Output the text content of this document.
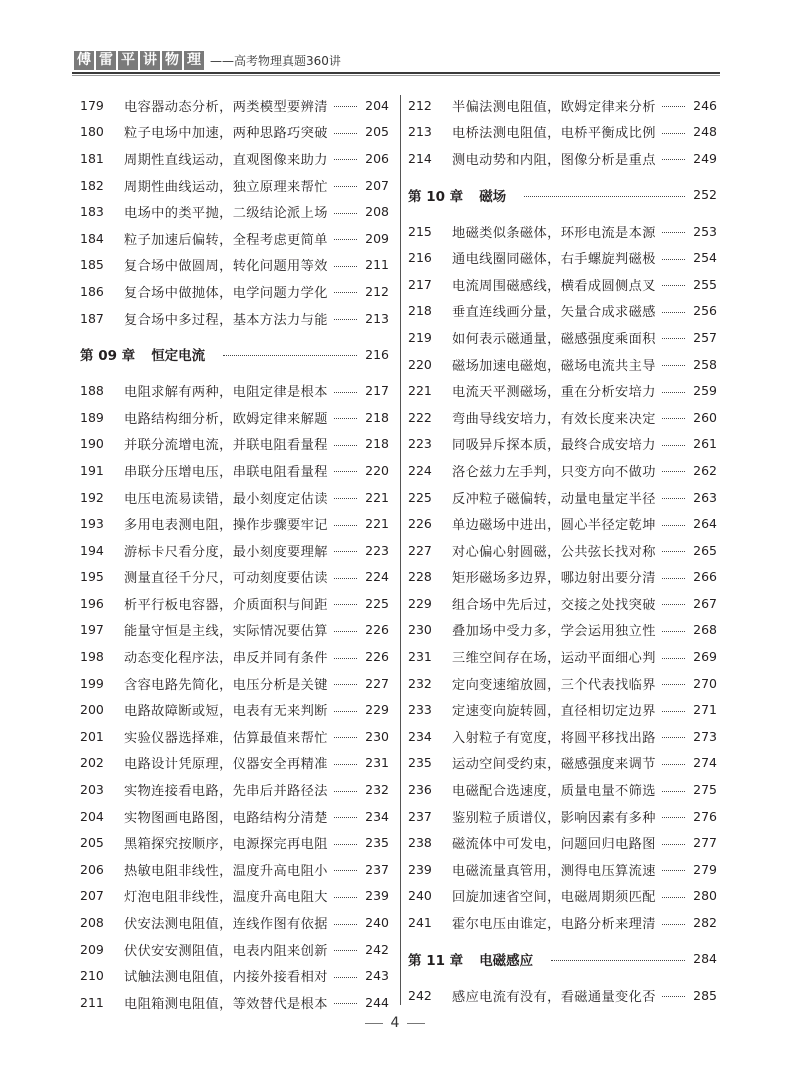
傅 雷 平 讲 物 理 ——高考物理真题360讲
179	电容器动态分析，两类模型要辨清	204
180	粒子电场中加速，两种思路巧突破	205
181	周期性直线运动，直观图像来助力	206
182	周期性曲线运动，独立原理来帮忙	207
183	电场中的类平抛，二级结论派上场	208
184	粒子加速后偏转，全程考虑更简单	209
185	复合场中做圆周，转化问题用等效	211
186	复合场中做抛体，电学问题力学化	212
187	复合场中多过程，基本方法力与能	213
第 09 章 恒定电流	216
188	电阻求解有两种，电阻定律是根本	217
189	电路结构细分析，欧姆定律来解题	218
190	并联分流增电流，并联电阻看量程	218
191	串联分压增电压，串联电阻看量程	220
192	电压电流易读错，最小刻度定估读	221
193	多用电表测电阻，操作步骤要牢记	221
194	游标卡尺看分度，最小刻度要理解	223
195	测量直径千分尺，可动刻度要估读	224
196	析平行板电容器，介质面积与间距	225
197	能量守恒是主线，实际情况要估算	226
198	动态变化程序法，串反并同有条件	226
199	含容电路先简化，电压分析是关键	227
200	电路故障断或短，电表有无来判断	229
201	实验仪器选择难，估算最值来帮忙	230
202	电路设计凭原理，仪器安全再精准	231
203	实物连接看电路，先串后并路径法	232
204	实物图画电路图，电路结构分清楚	234
205	黑箱探究按顺序，电源探完再电阻	235
206	热敏电阻非线性，温度升高电阻小	237
207	灯泡电阻非线性，温度升高电阻大	239
208	伏安法测电阻值，连线作图有依据	240
209	伏伏安安测阻值，电表内阻来创新	242
210	试触法测电阻值，内接外接看相对	243
211	电阻箱测电阻值，等效替代是根本	244
212	半偏法测电阻值，欧姆定律来分析	246
213	电桥法测电阻值，电桥平衡成比例	248
214	测电动势和内阻，图像分析是重点	249
第 10 章 磁场	252
215	地磁类似条磁体，环形电流是本源	253
216	通电线圈同磁体，右手螺旋判磁极	254
217	电流周围磁感线，横看成圆侧点叉	255
218	垂直连线画分量，矢量合成求磁感	256
219	如何表示磁通量，磁感强度乘面积	257
220	磁场加速电磁炮，磁场电流共主导	258
221	电流天平测磁场，重在分析安培力	259
222	弯曲导线安培力，有效长度来决定	260
223	同吸异斥探本质，最终合成安培力	261
224	洛仑兹力左手判，只变方向不做功	262
225	反冲粒子磁偏转，动量电量定半径	263
226	单边磁场中进出，圆心半径定乾坤	264
227	对心偏心射圆磁，公共弦长找对称	265
228	矩形磁场多边界，哪边射出要分清	266
229	组合场中先后过，交接之处找突破	267
230	叠加场中受力多，学会运用独立性	268
231	三维空间存在场，运动平面细心判	269
232	定向变速缩放圆，三个代表找临界	270
233	定速变向旋转圆，直径相切定边界	271
234	入射粒子有宽度，将圆平移找出路	273
235	运动空间受约束，磁感强度来调节	274
236	电磁配合选速度，质量电量不筛选	275
237	鉴别粒子质谱仪，影响因素有多种	276
238	磁流体中可发电，问题回归电路图	277
239	电磁流量真管用，测得电压算流速	279
240	回旋加速省空间，电磁周期须匹配	280
241	霍尔电压由谁定，电路分析来理清	282
第 11 章 电磁感应	284
242	感应电流有没有，看磁通量变化否	285
4
